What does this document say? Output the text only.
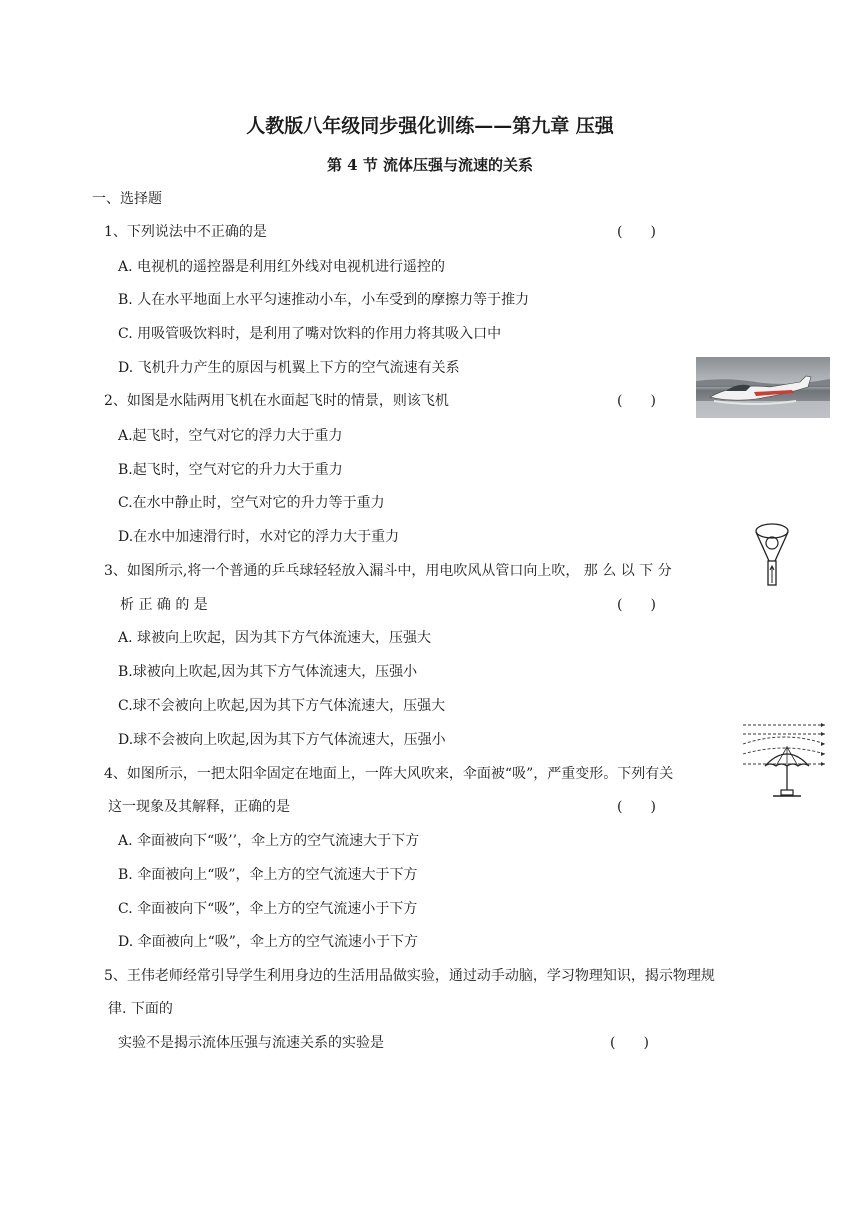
人教版八年级同步强化训练——第九章 压强
第 4 节 流体压强与流速的关系
一、选择题
1、下列说法中不正确的是	(　　)
A. 电视机的遥控器是利用红外线对电视机进行遥控的
B. 人在水平地面上水平匀速推动小车，小车受到的摩擦力等于推力
C. 用吸管吸饮料时，是利用了嘴对饮料的作用力将其吸入口中
D. 飞机升力产生的原因与机翼上下方的空气流速有关系
2、如图是水陆两用飞机在水面起飞时的情景，则该飞机	(　　)
A.起飞时，空气对它的浮力大于重力
B.起飞时，空气对它的升力大于重力
C.在水中静止时，空气对它的升力等于重力
D.在水中加速滑行时，水对它的浮力大于重力
3、如图所示,将一个普通的乒乓球轻轻放入漏斗中，用电吹风从管口向上吹， 那 么 以 下 分
析 正 确 的 是	(　　)
A. 球被向上吹起，因为其下方气体流速大，压强大
B.球被向上吹起,因为其下方气体流速大，压强小
C.球不会被向上吹起,因为其下方气体流速大，压强大
D.球不会被向上吹起,因为其下方气体流速大，压强小
4、如图所示，一把太阳伞固定在地面上，一阵大风吹来，伞面被“吸”，严重变形。下列有关
这一现象及其解释，正确的是	(　　)
A. 伞面被向下“吸’’，伞上方的空气流速大于下方
B. 伞面被向上“吸”，伞上方的空气流速大于下方
C. 伞面被向下“吸”，伞上方的空气流速小于下方
D. 伞面被向上“吸”，伞上方的空气流速小于下方
5、王伟老师经常引导学生利用身边的生活用品做实验，通过动手动脑，学习物理知识，揭示物理规
律. 下面的
实验不是揭示流体压强与流速关系的实验是	(　　)
